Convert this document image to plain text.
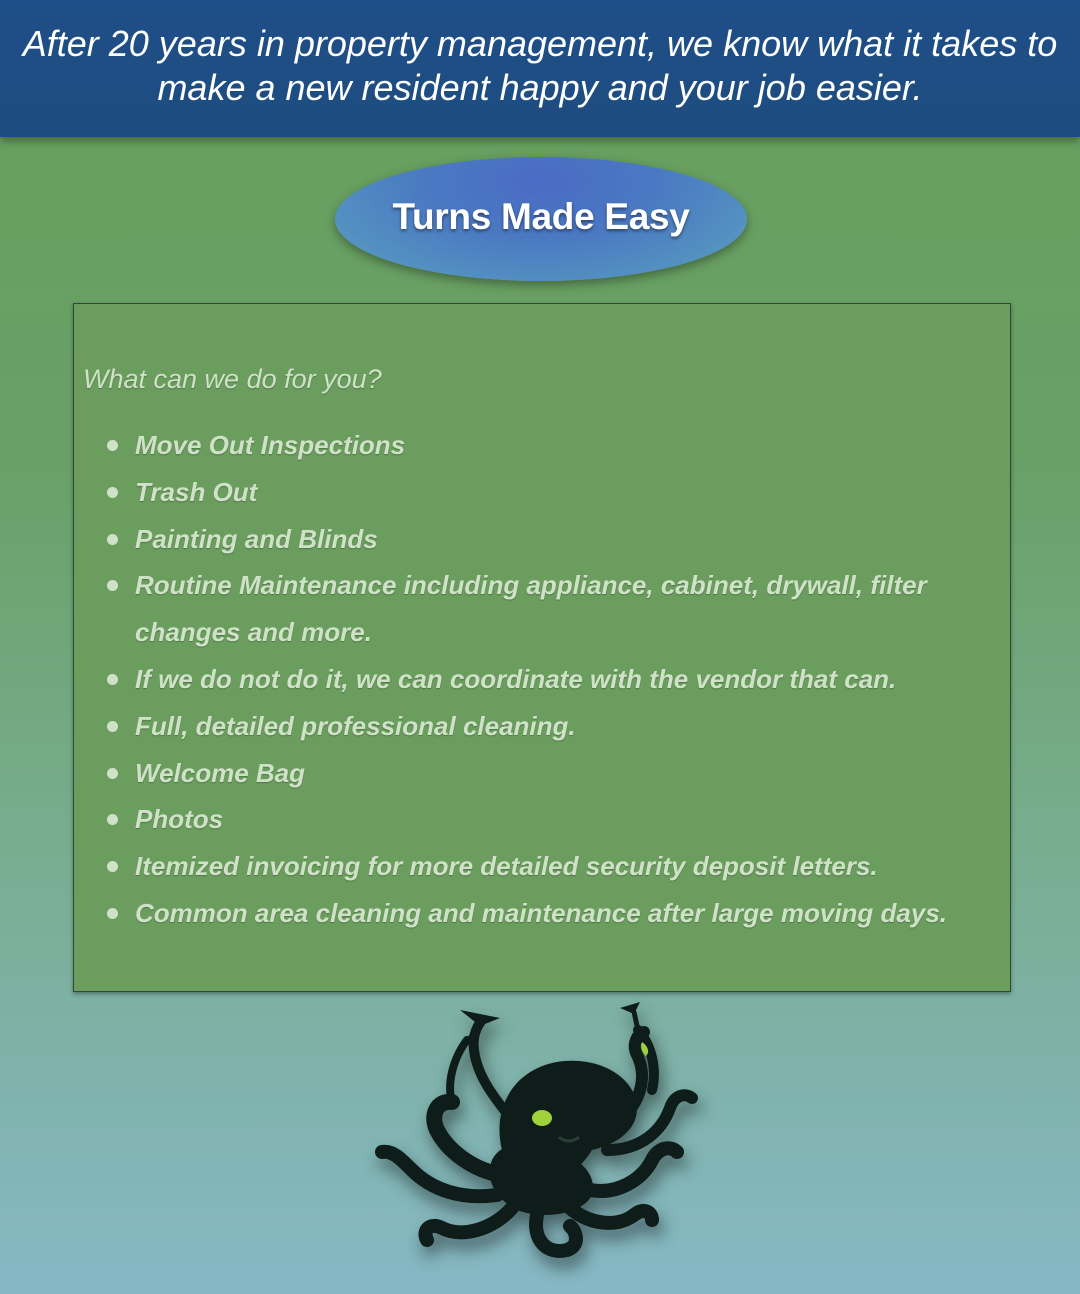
After 20 years in property management, we know what it takes to make a new resident happy and your job easier.
Turns Made Easy
What can we do for you?
Move Out Inspections
Trash Out
Painting and Blinds
Routine Maintenance including appliance, cabinet, drywall, filter changes and more.
If we do not do it, we can coordinate with the vendor that can.
Full, detailed professional cleaning.
Welcome Bag
Photos
Itemized invoicing for more detailed security deposit letters.
Common area cleaning and maintenance after large moving days.
